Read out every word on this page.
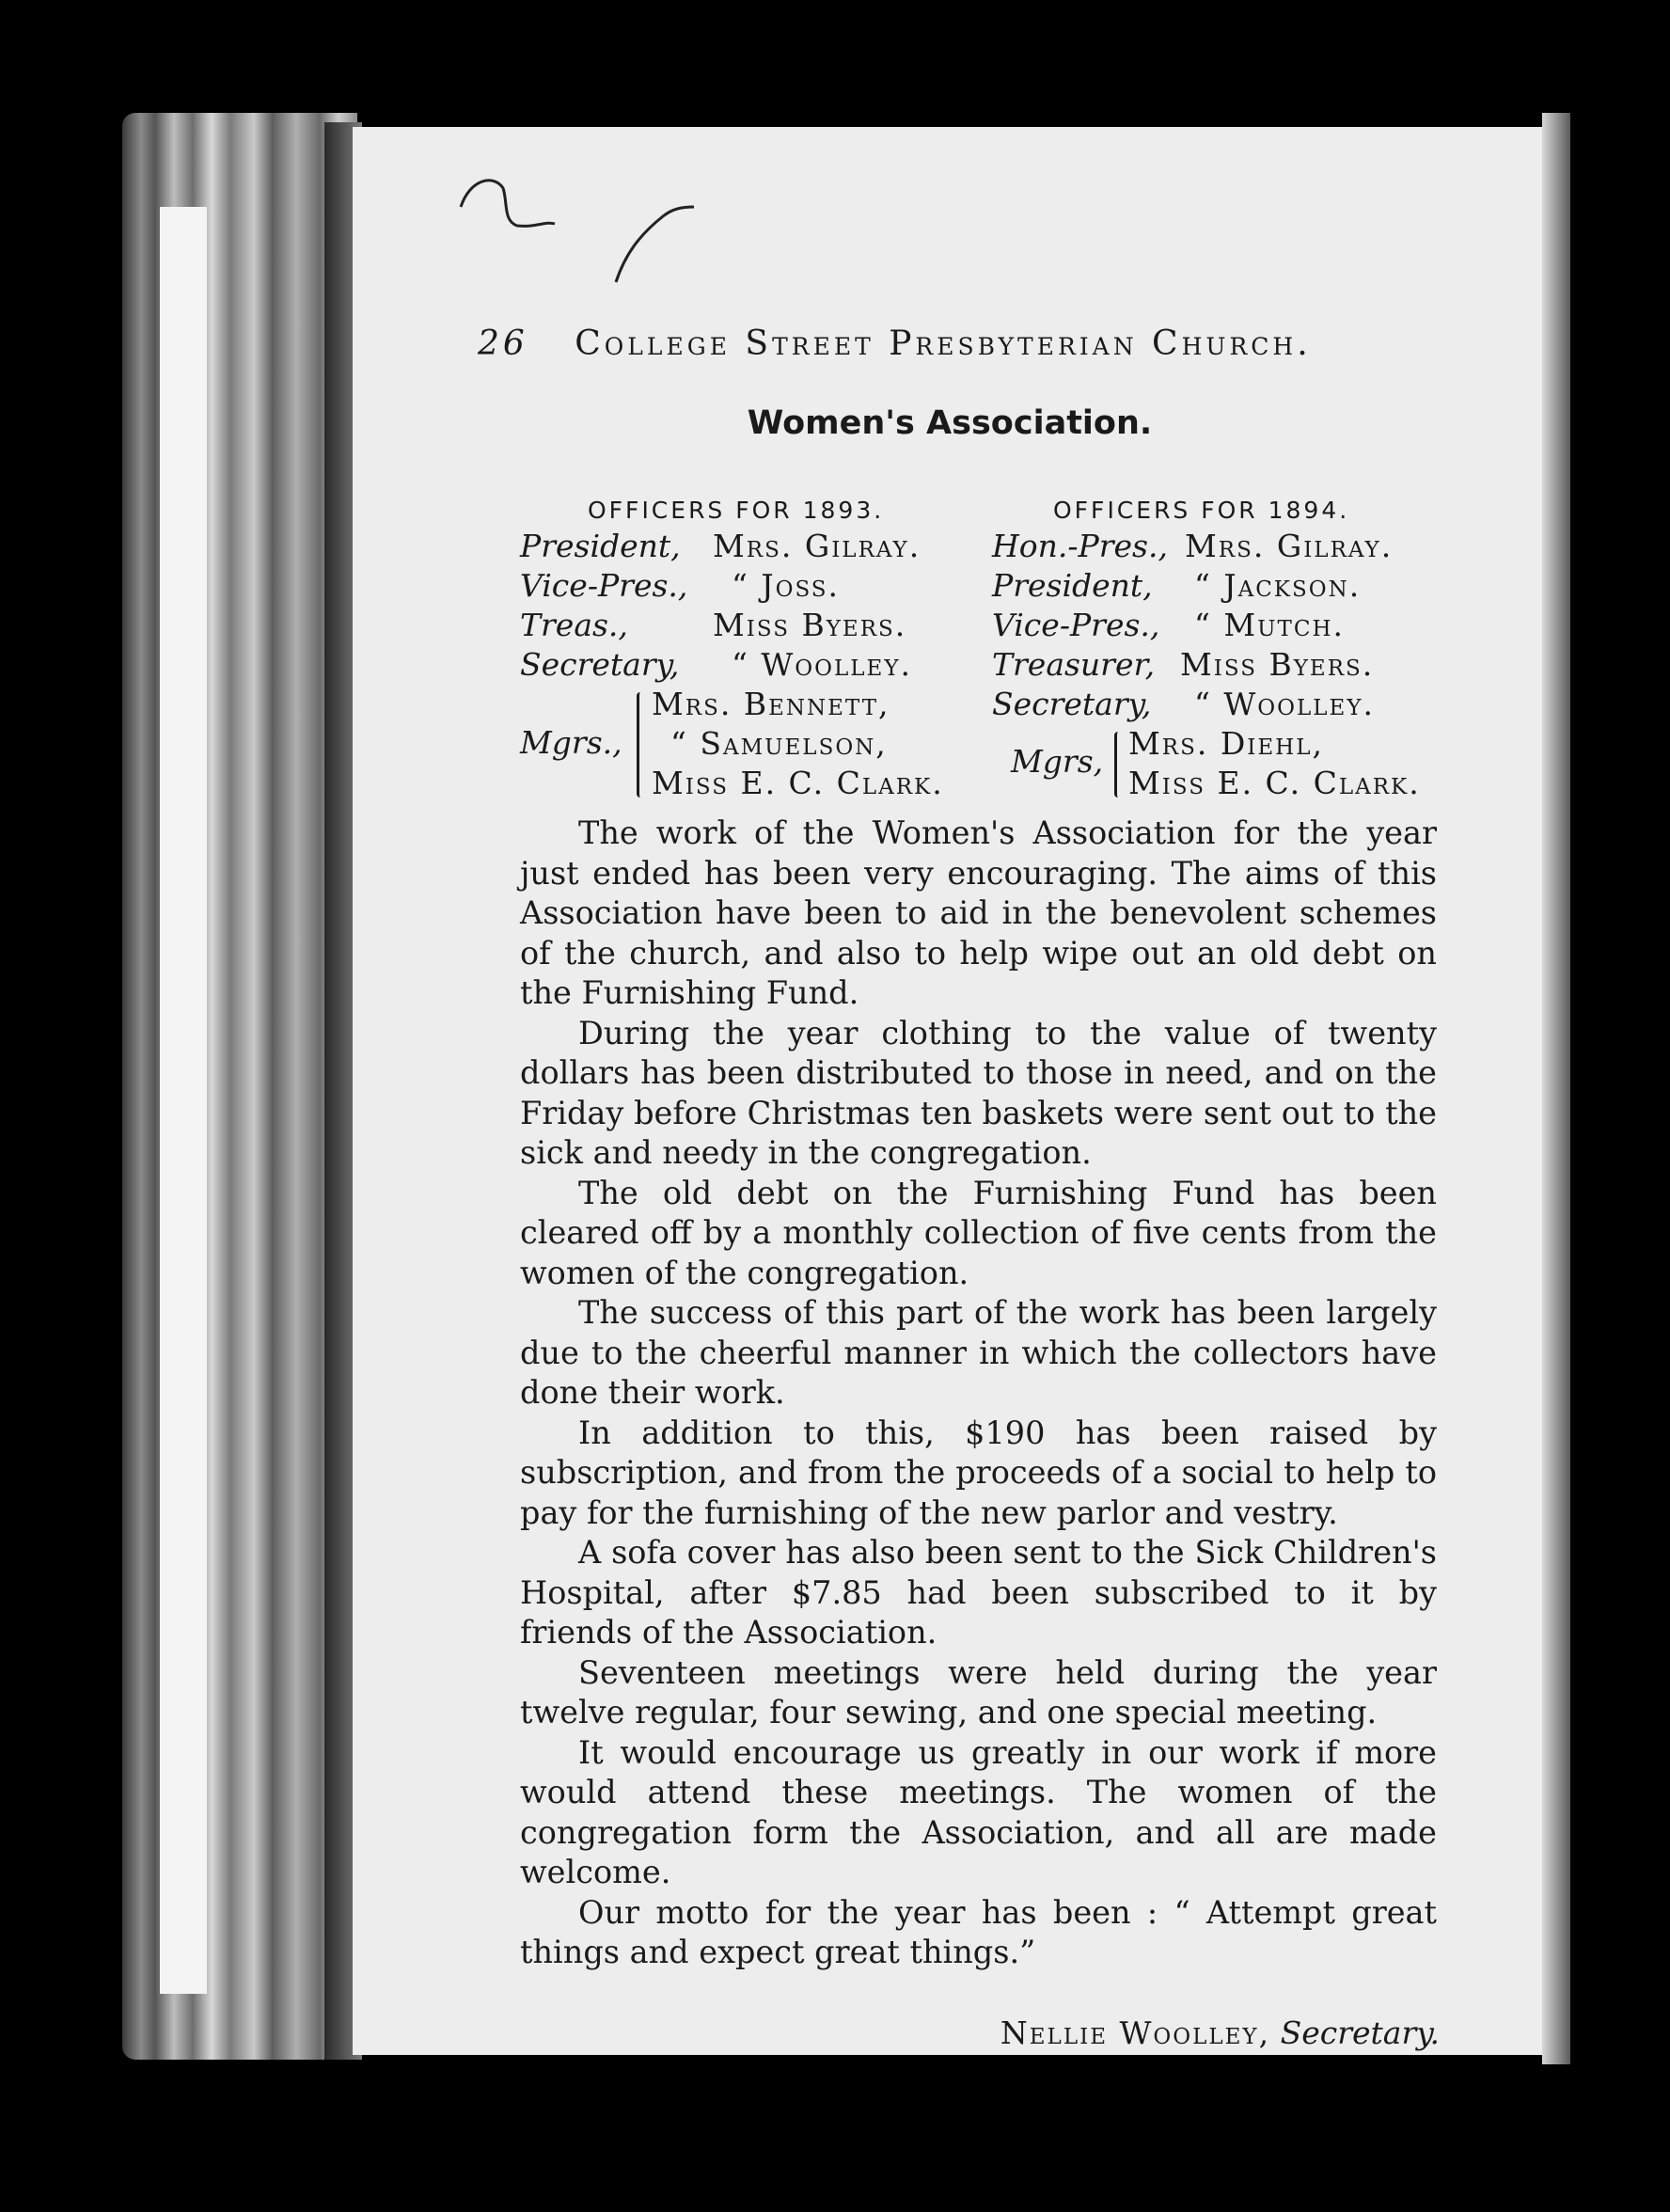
26 College Street Presbyterian Church.
Women's Association.
OFFICERS FOR 1893.	OFFICERS FOR 1894.
President, Mrs. Gilray.
Vice-Pres., “ Joss.
Treas.,	Miss Byers.
Secretary, “ Woolley.
Mgrs.,
Mrs. Bennett,
“ Samuelson,
Miss E. C. Clark.
Hon.-Pres., Mrs. Gilray.
President, “ Jackson.
Vice-Pres., “ Mutch.
Treasurer, Miss Byers.
Secretary, “ Woolley.
Mgrs, Mrs. Diehl,
Miss E. C. Clark.

The work of the Women's Association for the year just ended has been very encouraging. The aims of this Association have been to aid in the benevolent schemes of the church, and also to help wipe out an old debt on the Furnishing Fund.

During the year clothing to the value of twenty dollars has been distributed to those in need, and on the Friday before Christmas ten baskets were sent out to the sick and needy in the congregation.

The old debt on the Furnishing Fund has been cleared off by a monthly collection of five cents from the women of the congregation.

The success of this part of the work has been largely due to the cheerful manner in which the collectors have done their work.

In addition to this, $190 has been raised by subscription, and from the proceeds of a social to help to pay for the furnishing of the new parlor and vestry.

A sofa cover has also been sent to the Sick Children's Hospital, after $7.85 had been subscribed to it by friends of the Association.

Seventeen meetings were held during the year twelve regular, four sewing, and one special meeting.

It would encourage us greatly in our work if more would attend these meetings. The women of the congregation form the Association, and all are made welcome.

Our motto for the year has been : “ Attempt great things and expect great things.”

Nellie Woolley, Secretary.
